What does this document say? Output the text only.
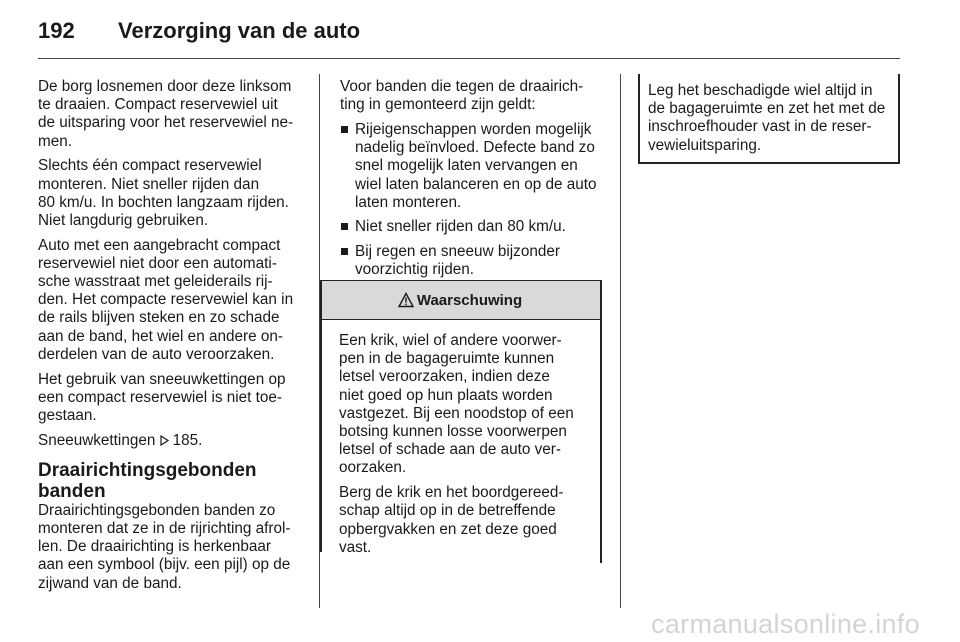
192	Verzorging van de auto

De borg losnemen door deze linksom
te draaien. Compact reservewiel uit
de uitsparing voor het reservewiel ne-
men.

Slechts één compact reservewiel
monteren. Niet sneller rijden dan
80 km/u. In bochten langzaam rijden.
Niet langdurig gebruiken.

Auto met een aangebracht compact
reservewiel niet door een automati-
sche wasstraat met geleiderails rij-
den. Het compacte reservewiel kan in
de rails blijven steken en zo schade
aan de band, het wiel en andere on-
derdelen van de auto veroorzaken.

Het gebruik van sneeuwkettingen op
een compact reservewiel is niet toe-
gestaan.

Sneeuwkettingen 185.

Draairichtingsgebonden
banden

Draairichtingsgebonden banden zo
monteren dat ze in de rijrichting afrol-
len. De draairichting is herkenbaar
aan een symbool (bijv. een pijl) op de
zijwand van de band.

Voor banden die tegen de draairich-
ting in gemonteerd zijn geldt:

Rijeigenschappen worden mogelijk
nadelig beïnvloed. Defecte band zo
snel mogelijk laten vervangen en
wiel laten balanceren en op de auto
laten monteren.
Niet sneller rijden dan 80 km/u.
Bij regen en sneeuw bijzonder
voorzichtig rijden.
Waarschuwing

Een krik, wiel of andere voorwer-
pen in de bagageruimte kunnen
letsel veroorzaken, indien deze
niet goed op hun plaats worden
vastgezet. Bij een noodstop of een
botsing kunnen losse voorwerpen
letsel of schade aan de auto ver-
oorzaken.

Berg de krik en het boordgereed-
schap altijd op in de betreffende
opbergvakken en zet deze goed
vast.

Leg het beschadigde wiel altijd in
de bagageruimte en zet het met de
inschroefhouder vast in de reser-
vewieluitsparing.

carmanualsonline.info
